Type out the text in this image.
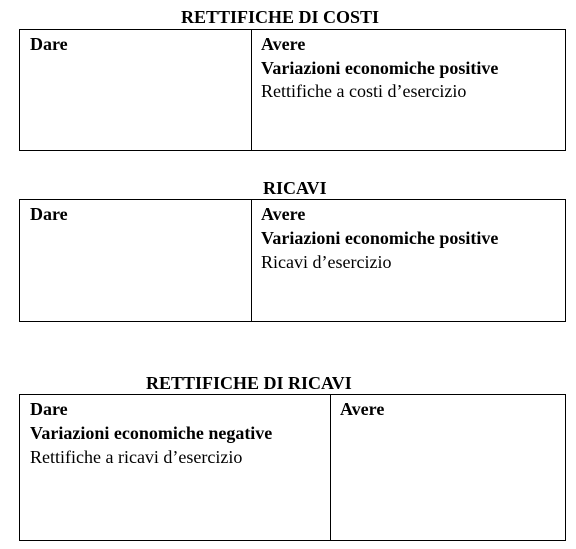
RETTIFICHE DI COSTI
Dare	Avere
Variazioni economiche positive
Rettifiche a costi d’esercizio
RICAVI
Dare	Avere
Variazioni economiche positive
Ricavi d’esercizio
RETTIFICHE DI RICAVI
Dare
Variazioni economiche negative
Rettifiche a ricavi d’esercizio
Avere
